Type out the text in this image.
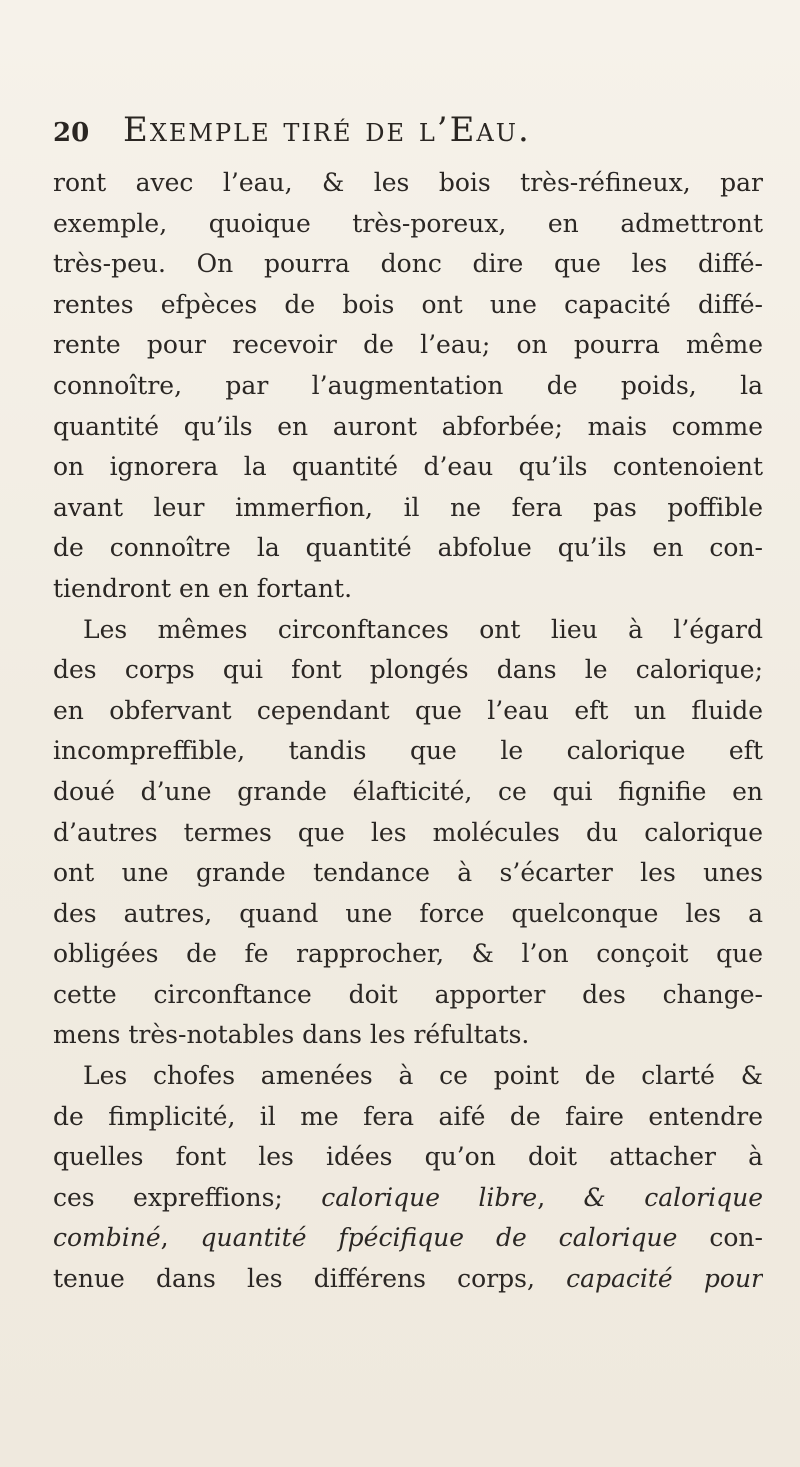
20 Exemple tiré de l’Eau.
ront avec l’eau, & les bois très-réfineux, par
exemple, quoique très-poreux, en admettront
très-peu. On pourra donc dire que les diffé-
rentes efpèces de bois ont une capacité diffé-
rente pour recevoir de l’eau; on pourra même
connoître, par l’augmentation de poids, la
quantité qu’ils en auront abforbée; mais comme
on ignorera la quantité d’eau qu’ils contenoient
avant leur immerfion, il ne fera pas poffible
de connoître la quantité abfolue qu’ils en con-
tiendront en en fortant.
Les mêmes circonftances ont lieu à l’égard
des corps qui font plongés dans le calorique;
en obfervant cependant que l’eau eft un fluide
incompreffible, tandis que le calorique eft
doué d’une grande élafticité, ce qui fignifie en
d’autres termes que les molécules du calorique
ont une grande tendance à s’écarter les unes
des autres, quand une force quelconque les a
obligées de fe rapprocher, & l’on conçoit que
cette circonftance doit apporter des change-
mens très-notables dans les réfultats.
Les chofes amenées à ce point de clarté &
de fimplicité, il me fera aifé de faire entendre
quelles font les idées qu’on doit attacher à
ces expreffions; calorique libre, & calorique
combiné, quantité fpécifique de calorique con-
tenue dans les différens corps, capacité pour
